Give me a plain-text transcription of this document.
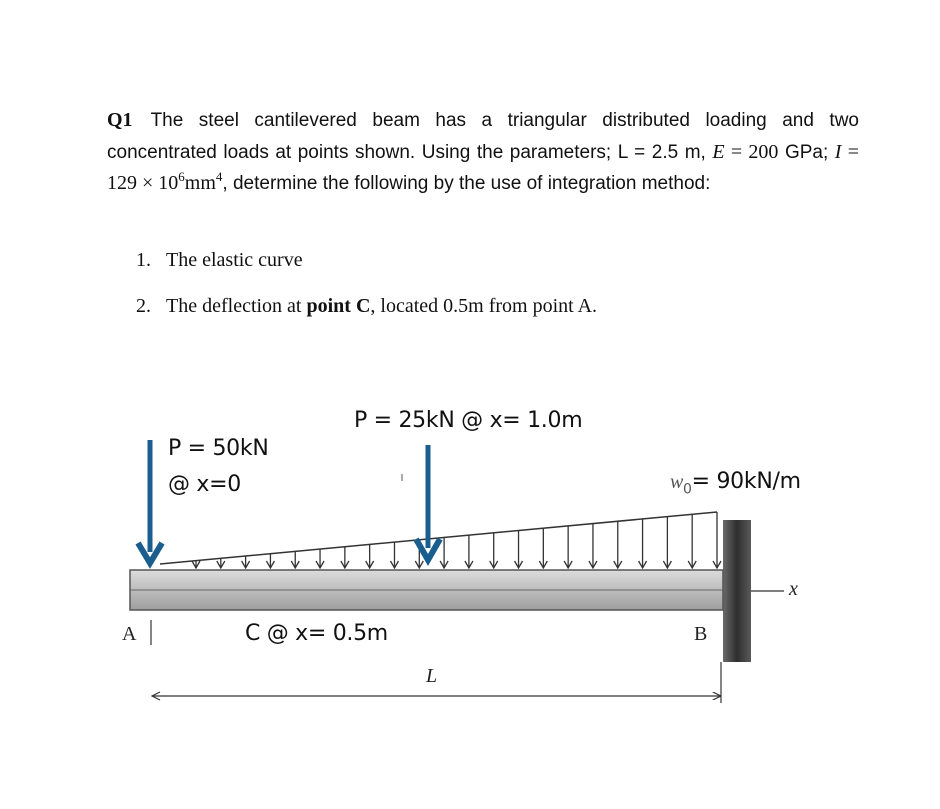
Q1 The steel cantilevered beam has a triangular distributed loading and two concentrated loads at points shown. Using the parameters; L = 2.5 m, E = 200 GPa; $I = 129 \times 10^6mm^4$, determine the following by the use of integration method:
1. The elastic curve
2. The deflection at point C, located 0.5m from point A.
P = 50kN
@ x=0
P = 25kN @ x= 1.0m
$w_0= 90kN/m$
A	B
C @ x= 0.5m
L
x
